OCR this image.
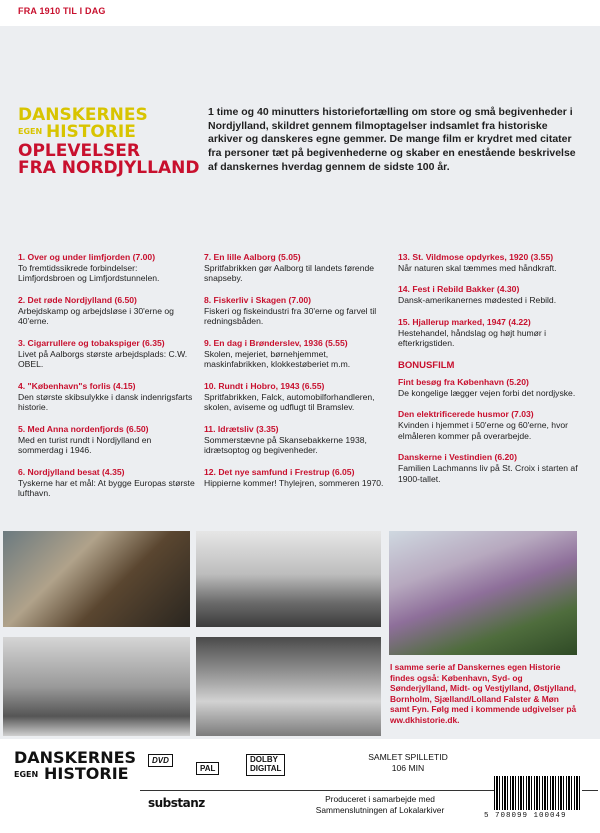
FRA 1910 TIL I DAG
DANSKERNES
EGEN HISTORIE
OPLEVELSER
FRA NORDJYLLAND
1 time og 40 minutters historiefortælling om store og små begivenheder i Nordjylland, skildret gennem filmoptagelser indsamlet fra historiske arkiver og danskeres egne gemmer. De mange film er krydret med citater fra personer tæt på begivenhederne og skaber en enestående beskrivelse af danskernes hverdag gennem de sidste 100 år.
1. Over og under limfjorden (7.00)
To fremtidssikrede forbindelser: Limfjordsbroen og Limfjordstunnelen.
2. Det røde Nordjylland (6.50)
Arbejdskamp og arbejdsløse i 30'erne og 40'erne.
3. Cigarrullere og tobakspiger (6.35)
Livet på Aalborgs største arbejdsplads: C.W. OBEL.
4. "København"s forlis (4.15)
Den største skibsulykke i dansk indenrigsfarts historie.
5. Med Anna nordenfjords (6.50)
Med en turist rundt i Nordjylland en sommerdag i 1946.
6. Nordjylland besat (4.35)
Tyskerne har et mål: At bygge Europas største lufthavn.
7. En lille Aalborg (5.05)
Spritfabrikken gør Aalborg til landets førende snapseby.
8. Fiskerliv i Skagen (7.00)
Fiskeri og fiskeindustri fra 30'erne og farvel til redningsbåden.
9. En dag i Brønderslev, 1936 (5.55)
Skolen, mejeriet, børnehjemmet, maskinfabrikken, klokkestøberiet m.m.
10. Rundt i Hobro, 1943 (6.55)
Spritfabrikken, Falck, automobilforhandleren, skolen, aviseme og udflugt til Bramslev.
11. Idrætsliv (3.35)
Sommerstævne på Skansebakkerne 1938, idrætsoptog og begivenheder.
12. Det nye samfund i Frestrup (6.05)
Hippierne kommer! Thylejren, sommeren 1970.
13. St. Vildmose opdyrkes, 1920 (3.55)
Når naturen skal tæmmes med håndkraft.
14. Fest i Rebild Bakker (4.30)
Dansk-amerikanernes mødested i Rebild.
15. Hjallerup marked, 1947 (4.22)
Hestehandel, håndslag og højt humør i efterkrigstiden.
BONUSFILM
Fint besøg fra København (5.20)
De kongelige lægger vejen forbi det nordjyske.
Den elektrificerede husmor (7.03)
Kvinden i hjemmet i 50'erne og 60'erne, hvor elmåleren kommer på overarbejde.
Danskerne i Vestindien (6.20)
Familien Lachmanns liv på St. Croix i starten af 1900-tallet.
I samme serie af Danskernes egen Historie findes også: København, Syd- og Sønderjylland, Midt- og Vestjylland, Østjylland, Bornholm, Sjælland/Lolland Falster & Møn samt Fyn. Følg med i kommende udgivelser på ww.dkhistorie.dk.
DANSKERNES
EGEN HISTORIE
DVD
PAL
DOLBY
DIGITAL
SAMLET SPILLETID
106 MIN
substanz	Produceret i samarbejde med Sammenslutningen af Lokalarkiver
5 708099 100049
